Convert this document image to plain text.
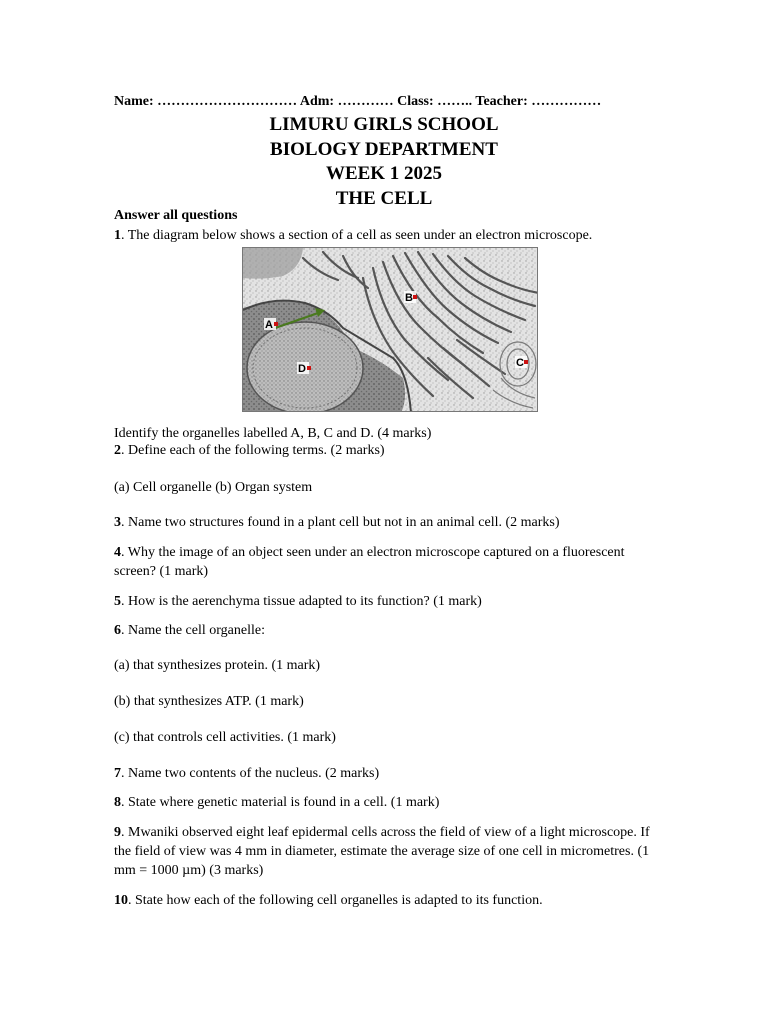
Name: ………………………… Adm: ………… Class: …….. Teacher: ……………
LIMURU GIRLS SCHOOL
BIOLOGY DEPARTMENT
WEEK 1 2025
THE CELL
Answer all questions
1. The diagram below shows a section of a cell as seen under an electron microscope.
A
B
C
D
Identify the organelles labelled A, B, C and D. (4 marks)
2. Define each of the following terms. (2 marks)
(a) Cell organelle (b) Organ system
3. Name two structures found in a plant cell but not in an animal cell. (2 marks)
4. Why the image of an object seen under an electron microscope captured on a fluorescent screen? (1 mark)
5. How is the aerenchyma tissue adapted to its function? (1 mark)
6. Name the cell organelle:
(a) that synthesizes protein. (1 mark)
(b) that synthesizes ATP. (1 mark)
(c) that controls cell activities. (1 mark)
7. Name two contents of the nucleus. (2 marks)
8. State where genetic material is found in a cell. (1 mark)
9. Mwaniki observed eight leaf epidermal cells across the field of view of a light microscope. If the field of view was 4 mm in diameter, estimate the average size of one cell in micrometres. (1 mm = 1000 µm) (3 marks)
10. State how each of the following cell organelles is adapted to its function.
